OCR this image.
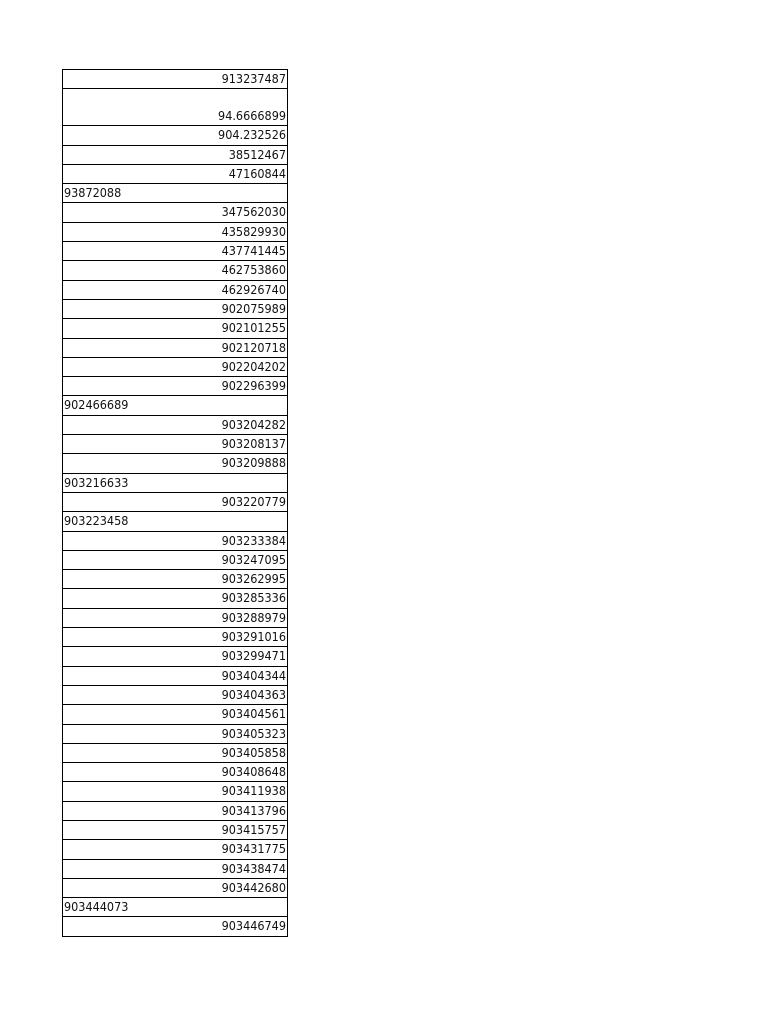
913237487
94.6666899
904.232526
38512467
47160844
93872088
347562030
435829930
437741445
462753860
462926740
902075989
902101255
902120718
902204202
902296399
902466689
903204282
903208137
903209888
903216633
903220779
903223458
903233384
903247095
903262995
903285336
903288979
903291016
903299471
903404344
903404363
903404561
903405323
903405858
903408648
903411938
903413796
903415757
903431775
903438474
903442680
903444073
903446749
